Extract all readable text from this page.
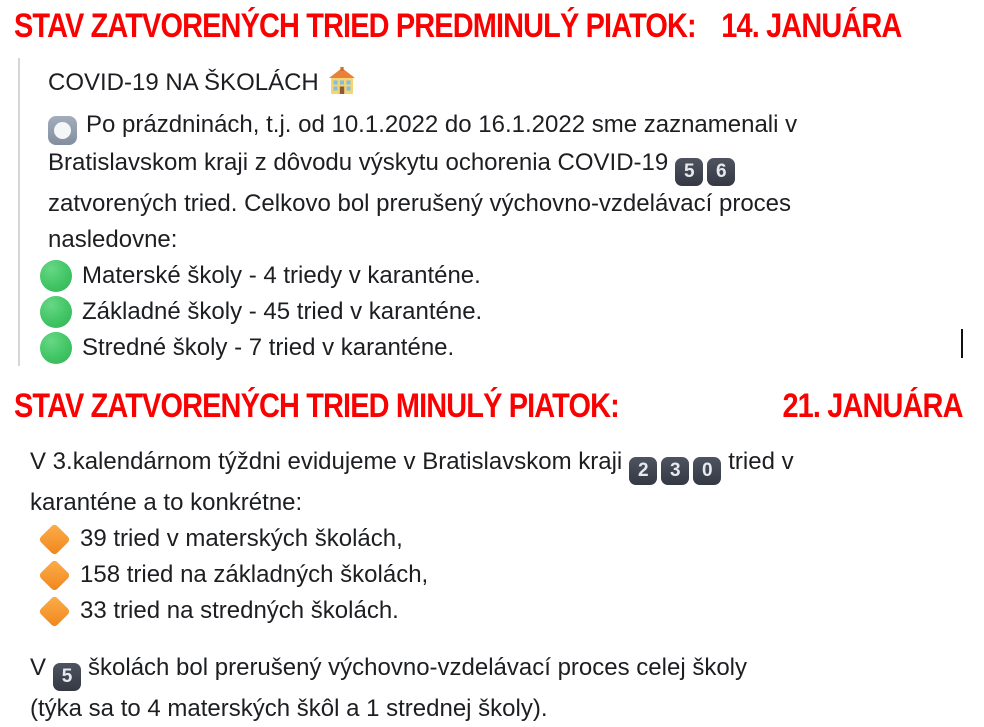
STAV ZATVORENÝCH TRIED PREDMINULÝ PIATOK: 14. JANUÁRA
COVID-19 NA ŠKOLÁCH
Po prázdninách, t.j. od 10.1.2022 do 16.1.2022 sme zaznamenali v
Bratislavskom kraji z dôvodu výskytu ochorenia COVID-19 5 6
zatvorených tried. Celkovo bol prerušený výchovno-vzdelávací proces
nasledovne:
Materské školy - 4 triedy v karanténe.
Základné školy - 45 tried v karanténe.
Stredné školy - 7 tried v karanténe.
STAV ZATVORENÝCH TRIED MINULÝ PIATOK:	21. JANUÁRA
V 3.kalendárnom týždni evidujeme v Bratislavskom kraji 2 3 0 tried v
karanténe a to konkrétne:
39 tried v materských školách,
158 tried na základných školách,
33 tried na stredných školách.
V 5 školách bol prerušený výchovno-vzdelávací proces celej školy
(týka sa to 4 materských škôl a 1 strednej školy).
